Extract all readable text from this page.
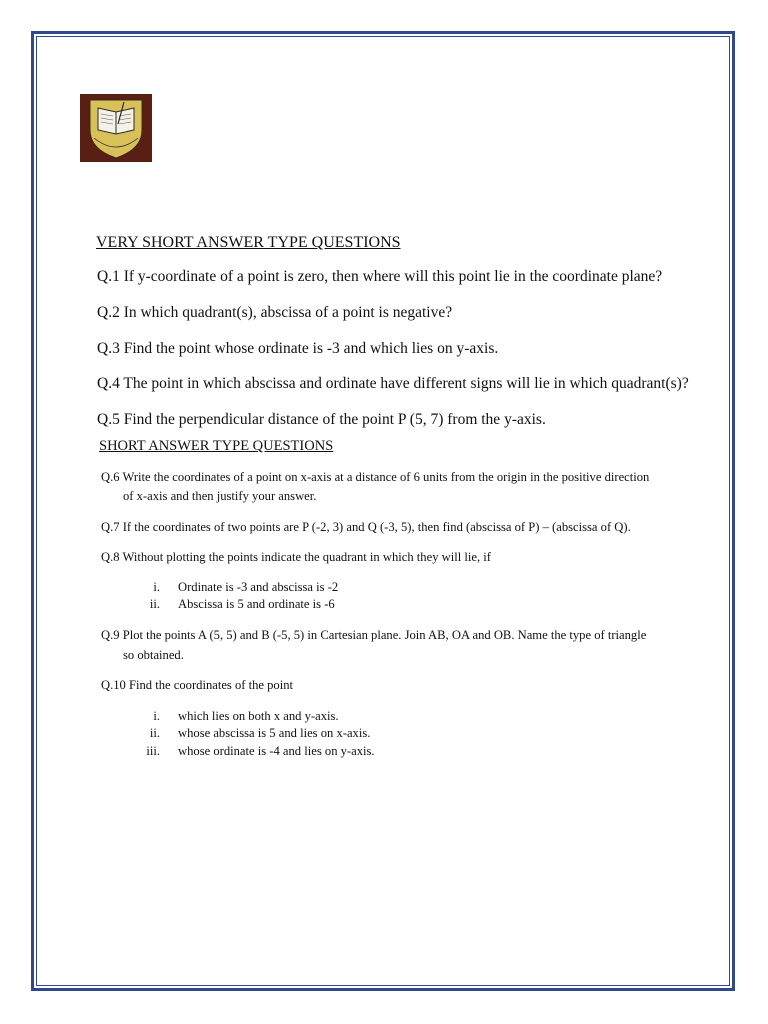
VERY SHORT ANSWER TYPE QUESTIONS
Q.1 If y-coordinate of a point is zero, then where will this point lie in the coordinate plane?
Q.2 In which quadrant(s), abscissa of a point is negative?
Q.3 Find the point whose ordinate is -3 and which lies on y-axis.
Q.4 The point in which abscissa and ordinate have different signs will lie in which quadrant(s)?
Q.5 Find the perpendicular distance of the point P (5, 7) from the y-axis.
SHORT ANSWER TYPE QUESTIONS
Q.6 Write the coordinates of a point on x-axis at a distance of 6 units from the origin in the positive direction
of x-axis and then justify your answer.
Q.7 If the coordinates of two points are P (-2, 3) and Q (-3, 5), then find (abscissa of P) – (abscissa of Q).
Q.8 Without plotting the points indicate the quadrant in which they will lie, if
i. Ordinate is -3 and abscissa is -2
ii. Abscissa is 5 and ordinate is -6
Q.9 Plot the points A (5, 5) and B (-5, 5) in Cartesian plane. Join AB, OA and OB. Name the type of triangle
so obtained.
Q.10 Find the coordinates of the point
i. which lies on both x and y-axis.
ii. whose abscissa is 5 and lies on x-axis.
iii. whose ordinate is -4 and lies on y-axis.
